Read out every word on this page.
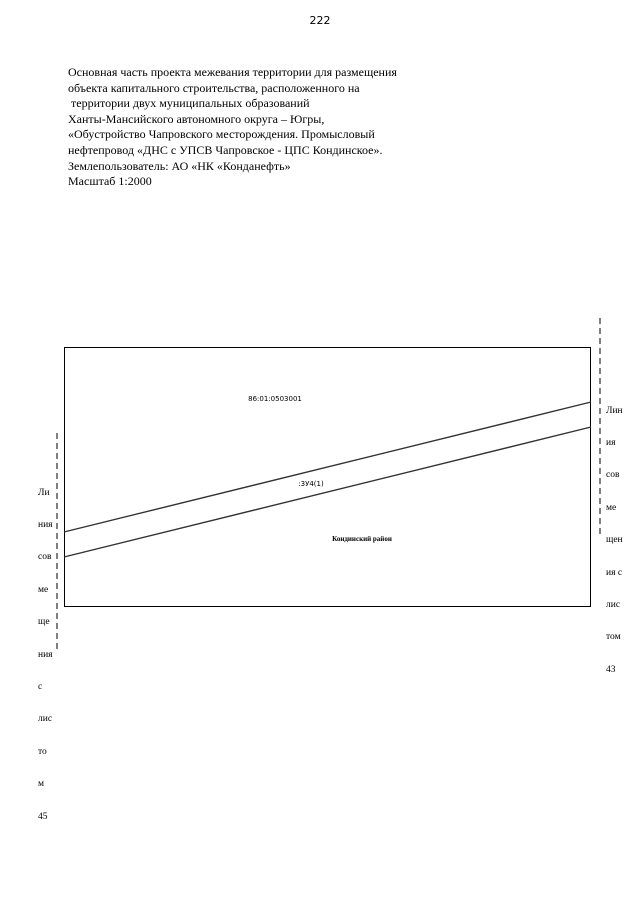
222
Основная часть проекта межевания территории для размещения
объекта капитального строительства, расположенного на
территории двух муниципальных образований
Ханты-Мансийского автономного округа – Югры,
«Обустройство Чапровского месторождения. Промысловый
нефтепровод «ДНС с УПСВ Чапровское - ЦПС Кондинское».
Землепользователь: АО «НК «Конданефть»
Масштаб 1:2000
86:01:0503001
:3У4(1)
Кондинский район

Лин

ия

сов

ме

щен

ия с

лис

том

43

Ли

ния

сов

ме

ще

ния

с

лис

то

м

45
